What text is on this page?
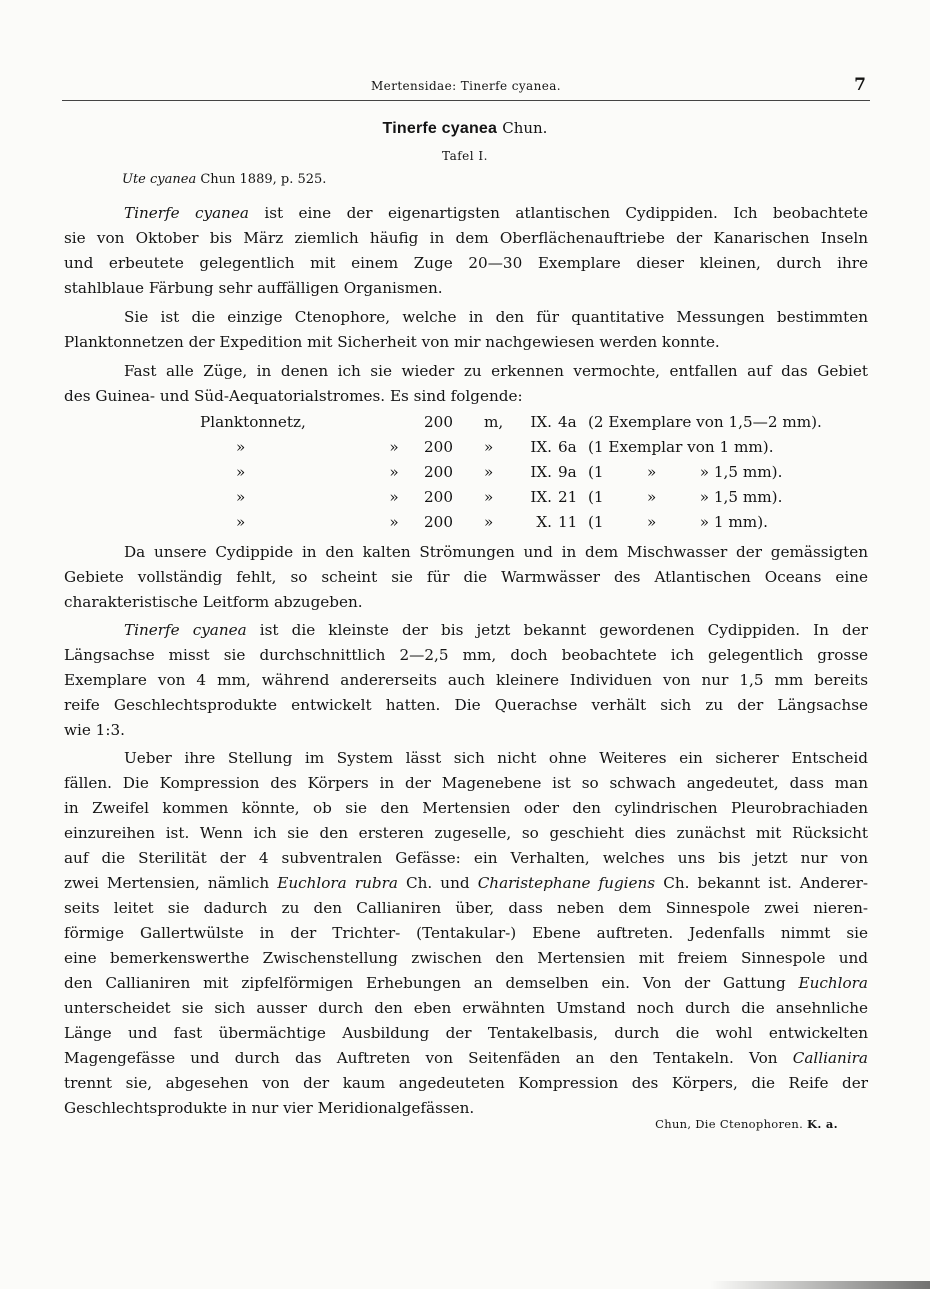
Mertensidae: Tinerfe cyanea.	7
Tinerfe cyanea Chun.
Tafel I.
Ute cyanea Chun 1889, p. 525.
Tinerfe cyanea ist eine der eigenartigsten atlantischen Cydippiden. Ich beobachtete
sie von Oktober bis März ziemlich häufig in dem Oberflächenauftriebe der Kanarischen Inseln
und erbeutete gelegentlich mit einem Zuge 20—30 Exemplare dieser kleinen, durch ihre
stahlblaue Färbung sehr auffälligen Organismen.
Sie ist die einzige Ctenophore, welche in den für quantitative Messungen bestimmten
Planktonnetzen der Expedition mit Sicherheit von mir nachgewiesen werden konnte.
Fast alle Züge, in denen ich sie wieder zu erkennen vermochte, entfallen auf das Gebiet
des Guinea- und Süd-Aequatorialstromes. Es sind folgende:
Planktonnetz,		200	m,	IX.	4a	(2 Exemplare von 1,5—2 mm).
»	»	200	»	IX.	6a	(1 Exemplar von 1 mm).
»	»	200	»	IX.	9a	(1         »         » 1,5 mm).
»	»	200	»	IX.	21	(1         »         » 1,5 mm).
»	»	200	»	X.	11	(1         »         » 1 mm).
Da unsere Cydippide in den kalten Strömungen und in dem Mischwasser der gemässigten
Gebiete vollständig fehlt, so scheint sie für die Warmwässer des Atlantischen Oceans eine
charakteristische Leitform abzugeben.
Tinerfe cyanea ist die kleinste der bis jetzt bekannt gewordenen Cydippiden. In der
Längsachse misst sie durchschnittlich 2—2,5 mm, doch beobachtete ich gelegentlich grosse
Exemplare von 4 mm, während andererseits auch kleinere Individuen von nur 1,5 mm bereits
reife Geschlechtsprodukte entwickelt hatten. Die Querachse verhält sich zu der Längsachse
wie 1:3.
Ueber ihre Stellung im System lässt sich nicht ohne Weiteres ein sicherer Entscheid
fällen. Die Kompression des Körpers in der Magenebene ist so schwach angedeutet, dass man
in Zweifel kommen könnte, ob sie den Mertensien oder den cylindrischen Pleurobrachiaden
einzureihen ist. Wenn ich sie den ersteren zugeselle, so geschieht dies zunächst mit Rücksicht
auf die Sterilität der 4 subventralen Gefässe: ein Verhalten, welches uns bis jetzt nur von
zwei Mertensien, nämlich Euchlora rubra Ch. und Charistephane fugiens Ch. bekannt ist. Anderer-
seits leitet sie dadurch zu den Callianiren über, dass neben dem Sinnespole zwei nieren-
förmige Gallertwülste in der Trichter- (Tentakular-) Ebene auftreten. Jedenfalls nimmt sie
eine bemerkenswerthe Zwischenstellung zwischen den Mertensien mit freiem Sinnespole und
den Callianiren mit zipfelförmigen Erhebungen an demselben ein. Von der Gattung Euchlora
unterscheidet sie sich ausser durch den eben erwähnten Umstand noch durch die ansehnliche
Länge und fast übermächtige Ausbildung der Tentakelbasis, durch die wohl entwickelten
Magengefässe und durch das Auftreten von Seitenfäden an den Tentakeln. Von Callianira
trennt sie, abgesehen von der kaum angedeuteten Kompression des Körpers, die Reife der
Geschlechtsprodukte in nur vier Meridionalgefässen.
Chun, Die Ctenophoren. K. a.
